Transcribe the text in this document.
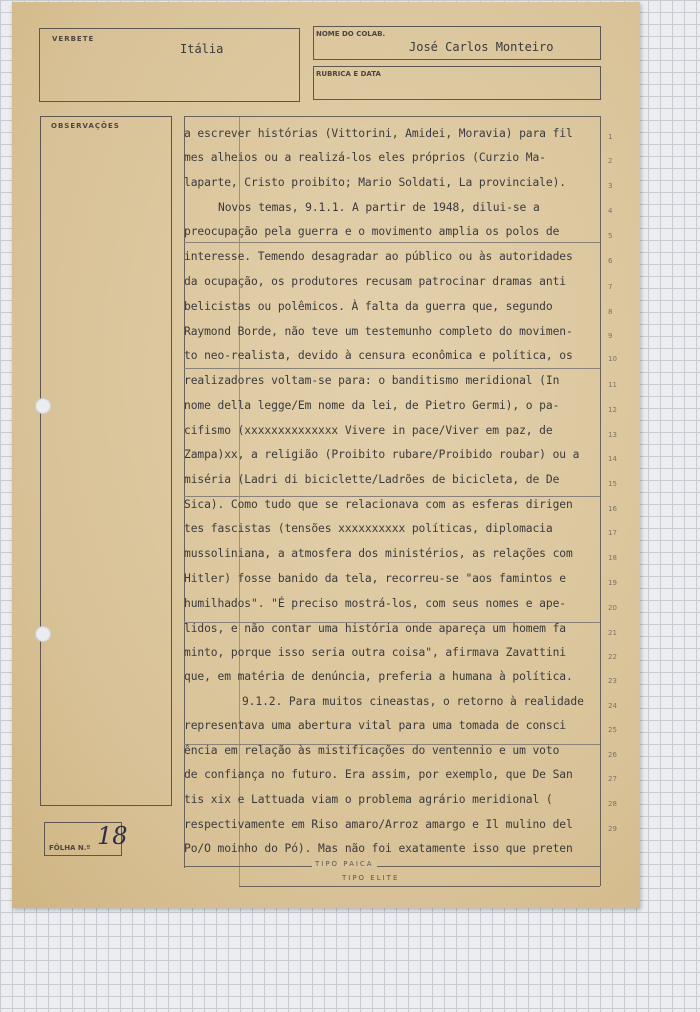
VERBETE
Itália
NOME DO COLAB.
José Carlos Monteiro
RUBRICA E DATA
OBSERVAÇÕES
FÔLHA N.º 18
TIPO PAICA
TIPO ELITE
a escrever histórias (Vittorini, Amidei, Moravia) para fil
mes alheios ou a realizá-los eles próprios (Curzio Ma-
laparte, Cristo proibito; Mario Soldati, La provinciale).
Novos temas, 9.1.1. A partir de 1948, dilui-se a
preocupação pela guerra e o movimento amplia os polos de
interesse. Temendo desagradar ao público ou às autoridades
da ocupação, os produtores recusam patrocinar dramas anti
belicistas ou polêmicos. À falta da guerra que, segundo
Raymond Borde, não teve um testemunho completo do movimen-
to neo-realista, devido à censura econômica e política, os
realizadores voltam-se para: o banditismo meridional (In
nome della legge/Em nome da lei, de Pietro Germi), o pa-
cifismo (xxxxxxxxxxxxxx Vivere in pace/Viver em paz, de
Zampa)xx, a religião (Proibito rubare/Proibido roubar) ou a
miséria (Ladri di biciclette/Ladrões de bicicleta, de De
Sica). Como tudo que se relacionava com as esferas dirigen
tes fascistas (tensões xxxxxxxxxx políticas, diplomacia
mussoliniana, a atmosfera dos ministérios, as relações com
Hitler) fosse banido da tela, recorreu-se "aos famintos e
humilhados". "É preciso mostrá-los, com seus nomes e ape-
lidos, e não contar uma história onde apareça um homem fa
minto, porque isso seria outra coisa", afirmava Zavattini
que, em matéria de denúncia, preferia a humana à política.
9.1.2. Para muitos cineastas, o retorno à realidade
representava uma abertura vital para uma tomada de consci
ência em relação às mistificações do ventennio e um voto
de confiança no futuro. Era assim, por exemplo, que De San
tis xix e Lattuada viam o problema agrário meridional (
respectivamente em Riso amaro/Arroz amargo e Il mulino del
Po/O moinho do Pó). Mas não foi exatamente isso que preten
1
2
3
4
5
6
7
8
9
10
11
12
13
14
15
16
17
18
19
20
21
22
23
24
25
26
27
28
29
